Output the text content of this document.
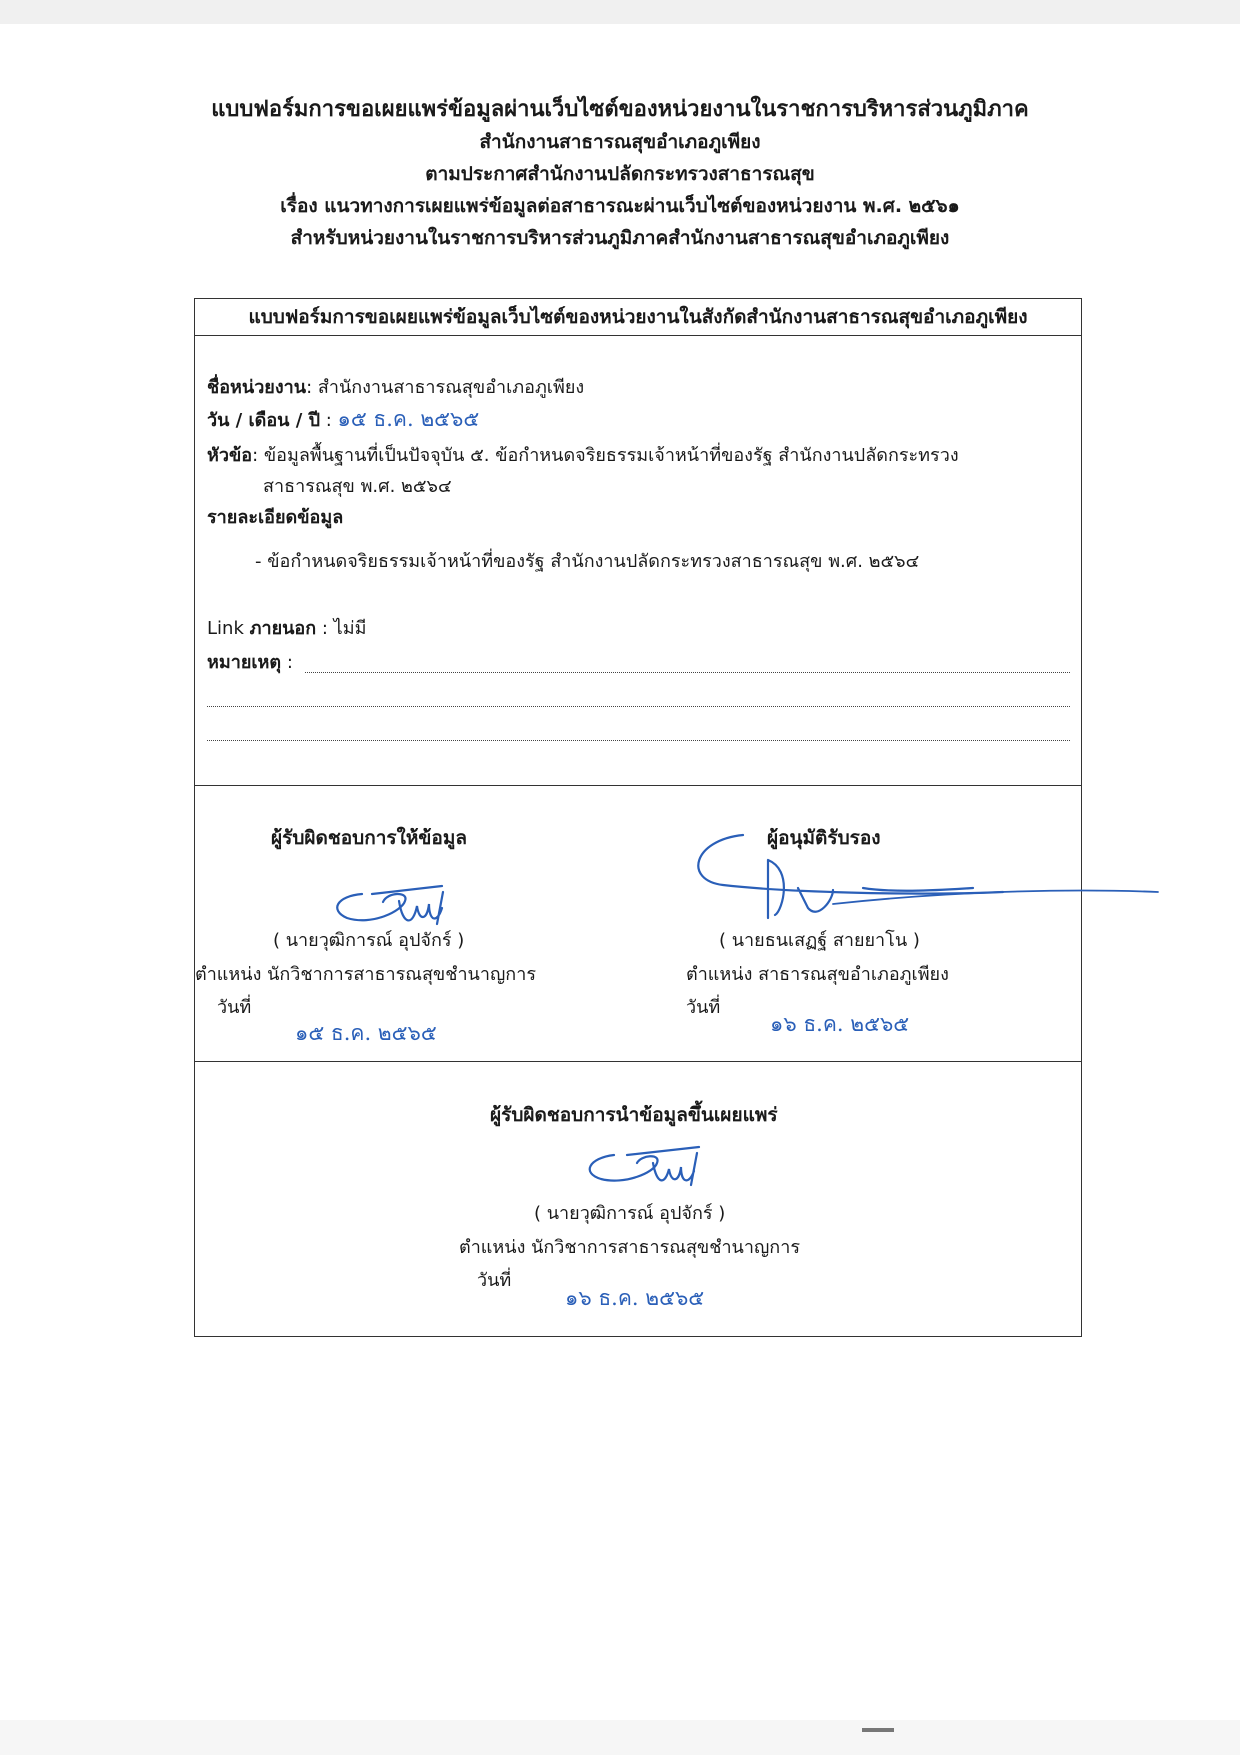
แบบฟอร์มการขอเผยแพร่ข้อมูลผ่านเว็บไซต์ของหน่วยงานในราชการบริหารส่วนภูมิภาค
สำนักงานสาธารณสุขอำเภอภูเพียง
ตามประกาศสำนักงานปลัดกระทรวงสาธารณสุข
เรื่อง แนวทางการเผยแพร่ข้อมูลต่อสาธารณะผ่านเว็บไซต์ของหน่วยงาน พ.ศ. ๒๕๖๑
สำหรับหน่วยงานในราชการบริหารส่วนภูมิภาคสำนักงานสาธารณสุขอำเภอภูเพียง
แบบฟอร์มการขอเผยแพร่ข้อมูลเว็บไซต์ของหน่วยงานในสังกัดสำนักงานสาธารณสุขอำเภอภูเพียง
ชื่อหน่วยงาน: สำนักงานสาธารณสุขอำเภอภูเพียง
วัน / เดือน / ปี : ๑๕ ธ.ค. ๒๕๖๕
หัวข้อ: ข้อมูลพื้นฐานที่เป็นปัจจุบัน ๕. ข้อกำหนดจริยธรรมเจ้าหน้าที่ของรัฐ สำนักงานปลัดกระทรวง
สาธารณสุข พ.ศ. ๒๕๖๔
รายละเอียดข้อมูล
- ข้อกำหนดจริยธรรมเจ้าหน้าที่ของรัฐ สำนักงานปลัดกระทรวงสาธารณสุข พ.ศ. ๒๕๖๔
Link ภายนอก : ไม่มี
หมายเหตุ :
ผู้รับผิดชอบการให้ข้อมูล
( นายวุฒิการณ์ อุปจักร์ )
ตำแหน่ง นักวิชาการสาธารณสุขชำนาญการ
วันที่
๑๕ ธ.ค. ๒๕๖๕
ผู้อนุมัติรับรอง
( นายธนเสฏฐ์ สายยาโน )
ตำแหน่ง สาธารณสุขอำเภอภูเพียง
วันที่
๑๖ ธ.ค. ๒๕๖๕
ผู้รับผิดชอบการนำข้อมูลขึ้นเผยแพร่
( นายวุฒิการณ์ อุปจักร์ )
ตำแหน่ง นักวิชาการสาธารณสุขชำนาญการ
วันที่
๑๖ ธ.ค. ๒๕๖๕
